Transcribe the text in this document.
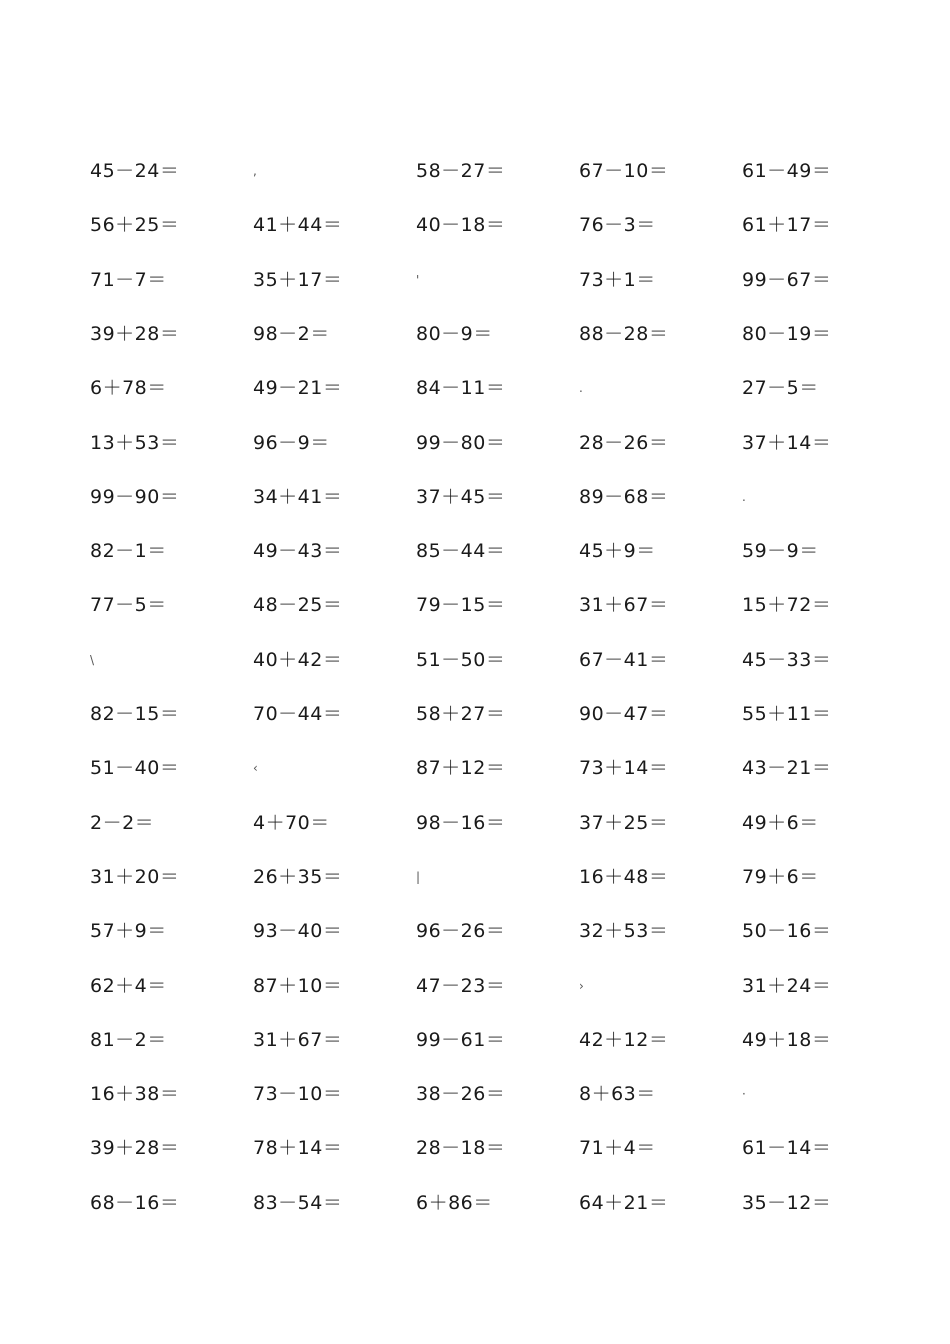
45－24＝	,	58－27＝	67－10＝	61－49＝
56＋25＝	41＋44＝	40－18＝	76－3＝	61＋17＝
71－7＝	35＋17＝	'	73＋1＝	99－67＝
39＋28＝	98－2＝	80－9＝	88－28＝	80－19＝
6＋78＝	49－21＝	84－11＝	.	27－5＝
13＋53＝	96－9＝	99－80＝	28－26＝	37＋14＝
99－90＝	34＋41＝	37＋45＝	89－68＝	.
82－1＝	49－43＝	85－44＝	45＋9＝	59－9＝
77－5＝	48－25＝	79－15＝	31＋67＝	15＋72＝
\	40＋42＝	51－50＝	67－41＝	45－33＝
82－15＝	70－44＝	58＋27＝	90－47＝	55＋11＝
51－40＝	‹	87＋12＝	73＋14＝	43－21＝
2－2＝	4＋70＝	98－16＝	37＋25＝	49＋6＝
31＋20＝	26＋35＝	|	16＋48＝	79＋6＝
57＋9＝	93－40＝	96－26＝	32＋53＝	50－16＝
62＋4＝	87＋10＝	47－23＝	›	31＋24＝
81－2＝	31＋67＝	99－61＝	42＋12＝	49＋18＝
16＋38＝	73－10＝	38－26＝	8＋63＝	·
39＋28＝	78＋14＝	28－18＝	71＋4＝	61－14＝
68－16＝	83－54＝	6＋86＝	64＋21＝	35－12＝
